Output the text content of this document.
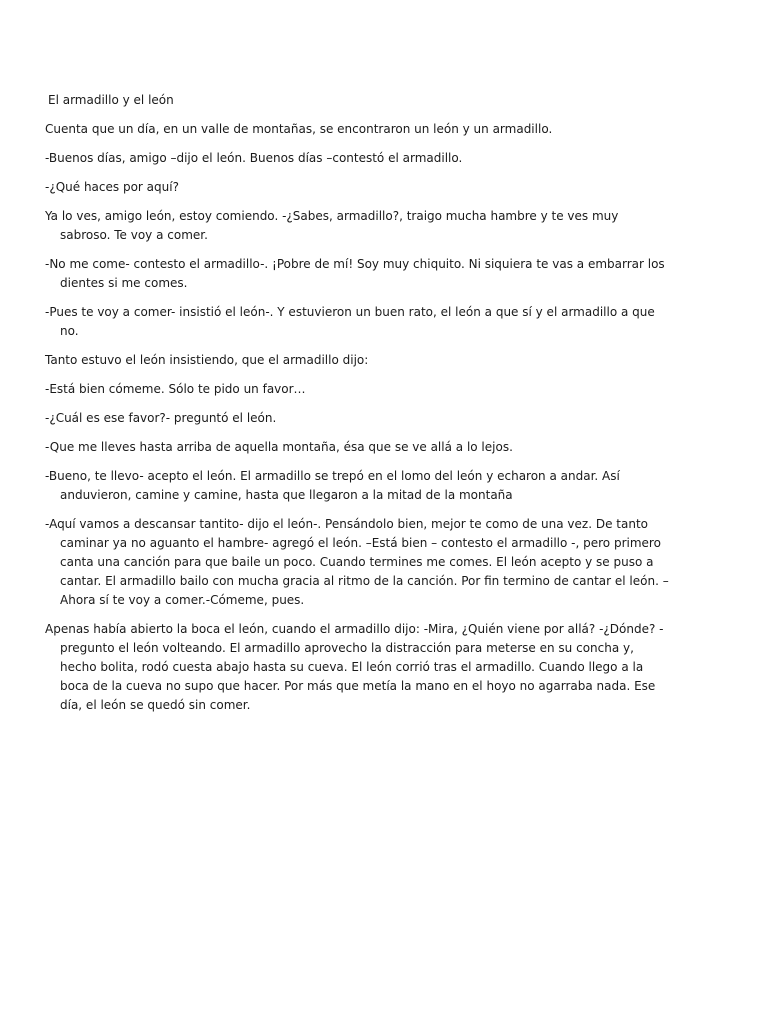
El armadillo y el león

Cuenta que un día, en un valle de montañas, se encontraron un león y un armadillo.

-Buenos días, amigo –dijo el león. Buenos días –contestó el armadillo.

-¿Qué haces por aquí?

Ya lo ves, amigo león, estoy comiendo. -¿Sabes, armadillo?, traigo mucha hambre y te ves muy sabroso. Te voy a comer.

-No me come- contesto el armadillo-. ¡Pobre de mí! Soy muy chiquito. Ni siquiera te vas a embarrar los dientes si me comes.

-Pues te voy a comer- insistió el león-. Y estuvieron un buen rato, el león a que sí y el armadillo a que no.

Tanto estuvo el león insistiendo, que el armadillo dijo:

-Está bien cómeme. Sólo te pido un favor…

-¿Cuál es ese favor?- preguntó el león.

-Que me lleves hasta arriba de aquella montaña, ésa que se ve allá a lo lejos.

-Bueno, te llevo- acepto el león. El armadillo se trepó en el lomo del león y echaron a andar. Así anduvieron, camine y camine, hasta que llegaron a la mitad de la montaña

-Aquí vamos a descansar tantito- dijo el león-. Pensándolo bien, mejor te como de una vez. De tanto caminar ya no aguanto el hambre- agregó el león. –Está bien – contesto el armadillo -, pero primero canta una canción para que baile un poco. Cuando termines me comes. El león acepto y se puso a cantar. El armadillo bailo con mucha gracia al ritmo de la canción. Por fin termino de cantar el león. –Ahora sí te voy a comer.-Cómeme, pues.

Apenas había abierto la boca el león, cuando el armadillo dijo: -Mira, ¿Quién viene por allá? -¿Dónde? -pregunto el león volteando. El armadillo aprovecho la distracción para meterse en su concha y, hecho bolita, rodó cuesta abajo hasta su cueva. El león corrió tras el armadillo. Cuando llego a la boca de la cueva no supo que hacer. Por más que metía la mano en el hoyo no agarraba nada. Ese día, el león se quedó sin comer.
